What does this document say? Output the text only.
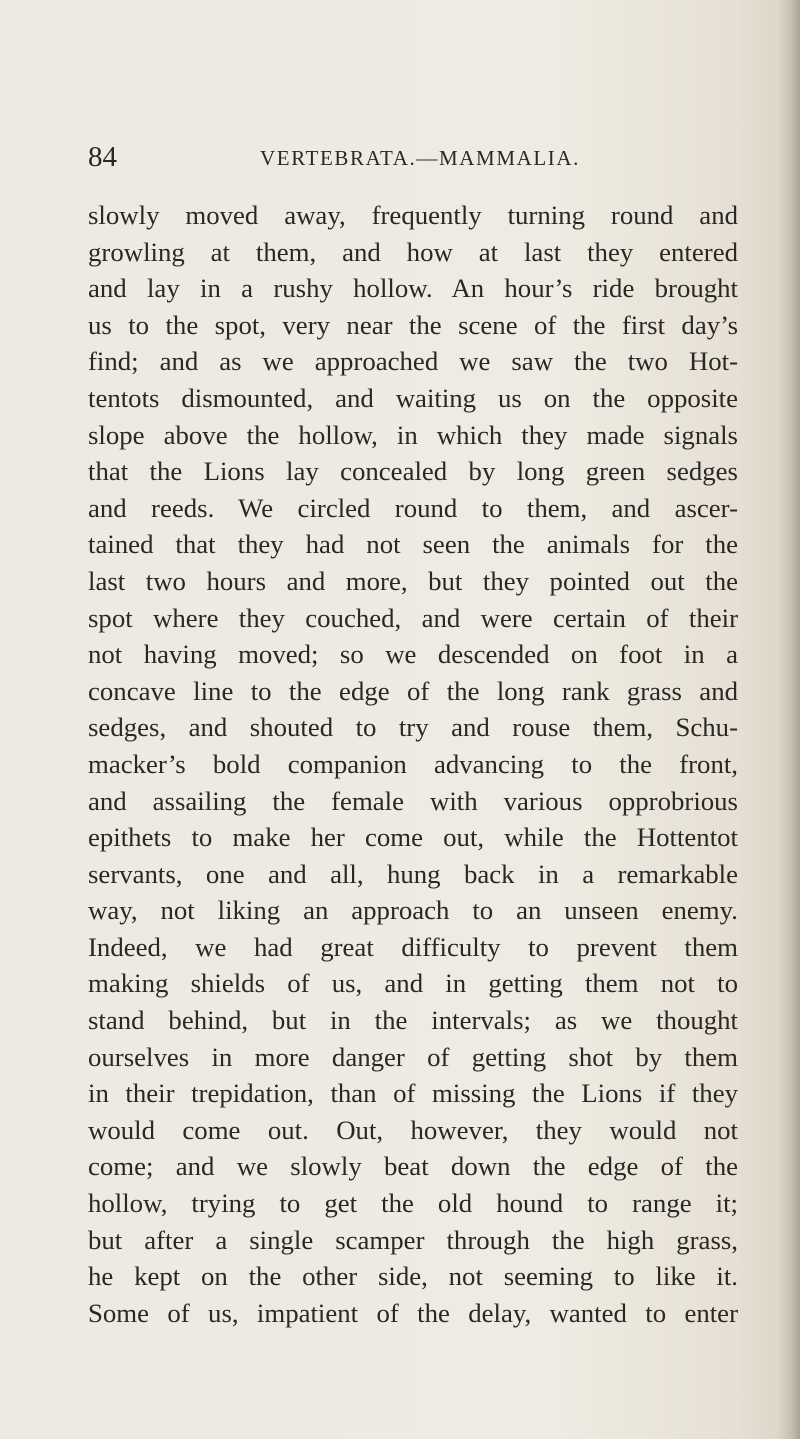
84	VERTEBRATA.—MAMMALIA.
slowly moved away, frequently turning round and
growling at them, and how at last they entered
and lay in a rushy hollow. An hour’s ride brought
us to the spot, very near the scene of the first day’s
find; and as we approached we saw the two Hot-
tentots dismounted, and waiting us on the opposite
slope above the hollow, in which they made signals
that the Lions lay concealed by long green sedges
and reeds. We circled round to them, and ascer-
tained that they had not seen the animals for the
last two hours and more, but they pointed out the
spot where they couched, and were certain of their
not having moved; so we descended on foot in a
concave line to the edge of the long rank grass and
sedges, and shouted to try and rouse them, Schu-
macker’s bold companion advancing to the front,
and assailing the female with various opprobrious
epithets to make her come out, while the Hottentot
servants, one and all, hung back in a remarkable
way, not liking an approach to an unseen enemy.
Indeed, we had great difficulty to prevent them
making shields of us, and in getting them not to
stand behind, but in the intervals; as we thought
ourselves in more danger of getting shot by them
in their trepidation, than of missing the Lions if they
would come out. Out, however, they would not
come; and we slowly beat down the edge of the
hollow, trying to get the old hound to range it;
but after a single scamper through the high grass,
he kept on the other side, not seeming to like it.
Some of us, impatient of the delay, wanted to enter
